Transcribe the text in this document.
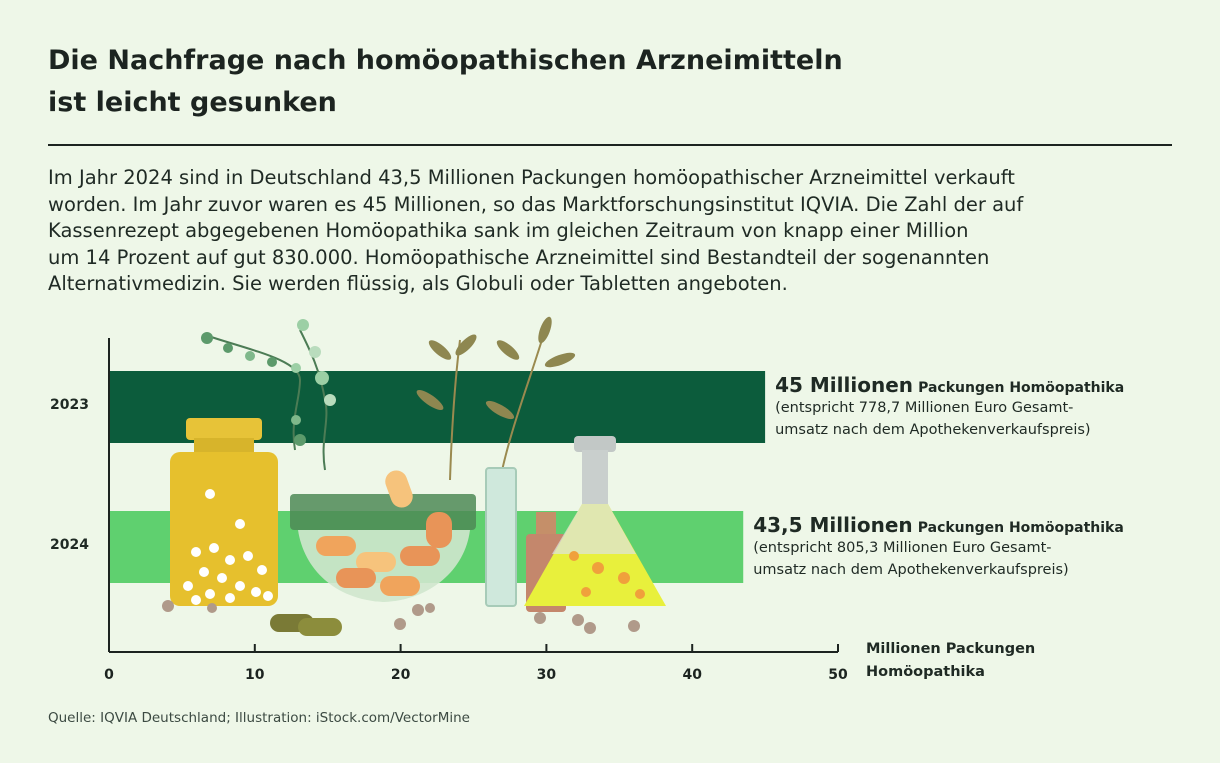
Die Nachfrage nach homöopathischen Arzneimitteln
ist leicht gesunken
Im Jahr 2024 sind in Deutschland 43,5 Millionen Packungen homöopathischer Arzneimittel verkauft
worden. Im Jahr zuvor waren es 45 Millionen, so das Marktforschungsinstitut IQVIA. Die Zahl der auf
Kassenrezept abgegebenen Homöopathika sank im gleichen Zeitraum von knapp einer Million
um 14 Prozent auf gut 830.000. Homöopathische Arzneimittel sind Bestandteil der sogenannten
Alternativmedizin. Sie werden flüssig, als Globuli oder Tabletten angeboten.
0	10	20	30	40	50
2023
2024
45 Millionen Packungen Homöopathika
(entspricht 778,7 Millionen Euro Gesamt-
umsatz nach dem Apothekenverkaufspreis)
43,5 Millionen Packungen Homöopathika
(entspricht 805,3 Millionen Euro Gesamt-
umsatz nach dem Apothekenverkaufspreis)
Millionen Packungen
Homöopathika
Quelle: IQVIA Deutschland; Illustration: iStock.com/VectorMine
